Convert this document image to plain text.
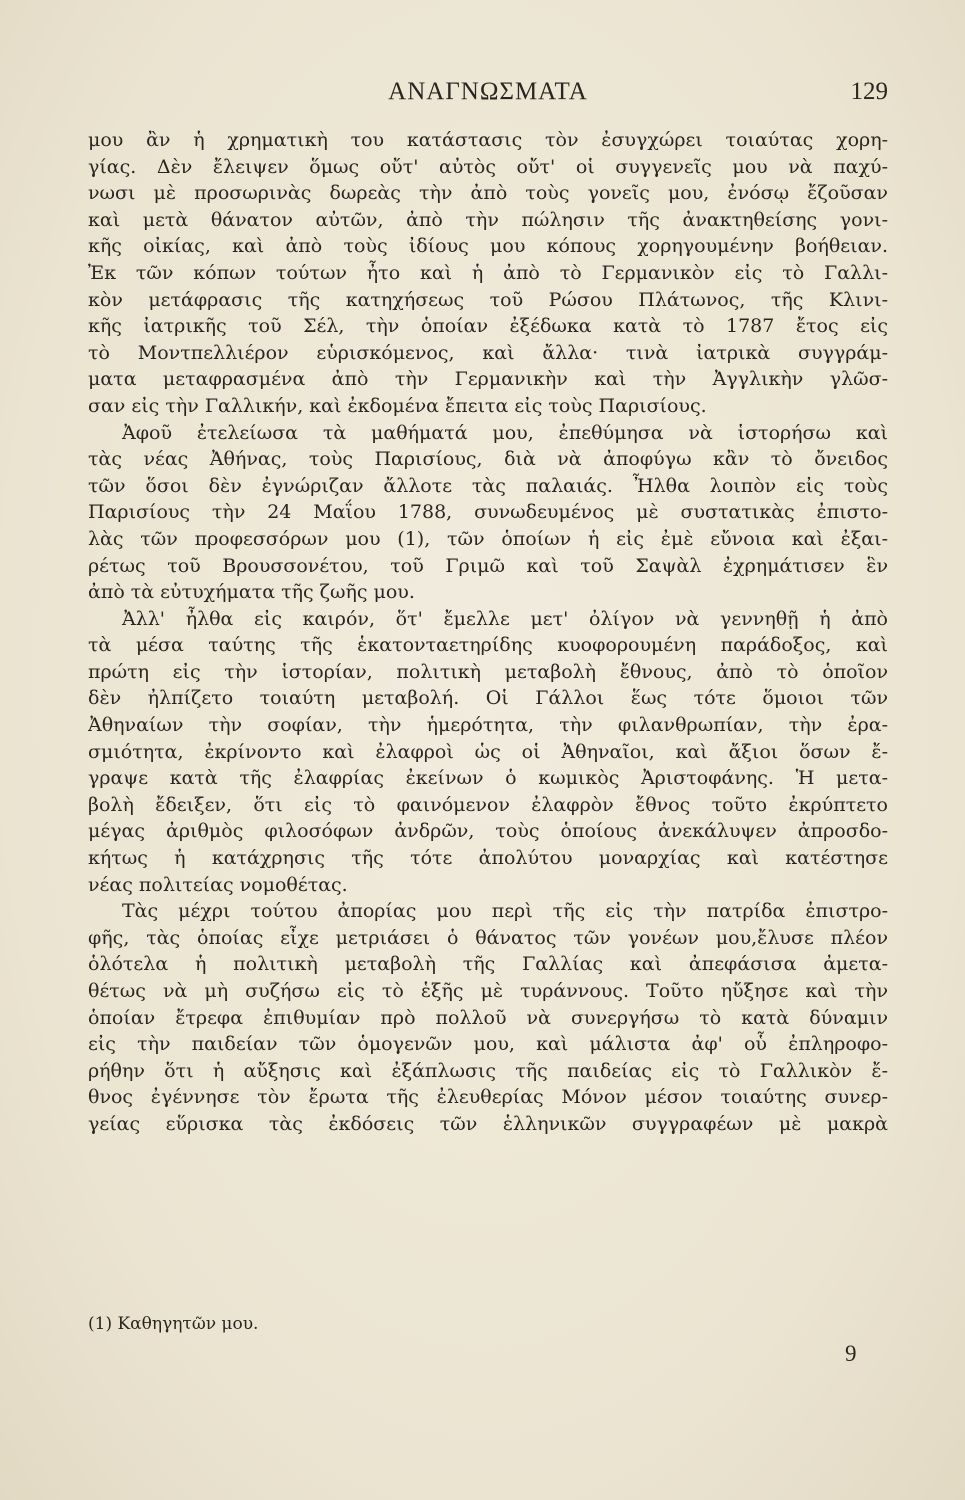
ΑΝΑΓΝΩΣΜΑΤΑ	129
μου ἂν ἡ χρηματικὴ του κατάστασις τὸν ἐσυγχώρει τοιαύτας χορη-
γίας. Δὲν ἔλειψεν ὅμως οὔτ' αὐτὸς οὔτ' οἱ συγγενεῖς μου νὰ παχύ-
νωσι μὲ προσωρινὰς δωρεὰς τὴν ἀπὸ τοὺς γονεῖς μου, ἐνόσῳ ἔζοῦσαν
καὶ μετὰ θάνατον αὐτῶν, ἀπὸ τὴν πώλησιν τῆς ἀνακτηθείσης γονι-
κῆς οἰκίας, καὶ ἀπὸ τοὺς ἰδίους μου κόπους χορηγουμένην βοήθειαν.
Ἐκ τῶν κόπων τούτων ἦτο καὶ ἡ ἀπὸ τὸ Γερμανικὸν εἰς τὸ Γαλλι-
κὸν μετάφρασις τῆς κατηχήσεως τοῦ Ρώσου Πλάτωνος, τῆς Κλινι-
κῆς ἰατρικῆς τοῦ Σέλ, τὴν ὁποίαν ἐξέδωκα κατὰ τὸ 1787 ἔτος εἰς
τὸ Μοντπελλιέρον εὑρισκόμενος, καὶ ἄλλα· τινὰ ἰατρικὰ συγγράμ-
ματα μεταφρασμένα ἀπὸ τὴν Γερμανικὴν καὶ τὴν Ἀγγλικὴν γλῶσ-
σαν εἰς τὴν Γαλλικήν, καὶ ἐκδομένα ἔπειτα εἰς τοὺς Παρισίους.
Ἀφοῦ ἐτελείωσα τὰ μαθήματά μου, ἐπεθύμησα νὰ ἱστορήσω καὶ
τὰς νέας Ἀθήνας, τοὺς Παρισίους, διὰ νὰ ἀποφύγω κἂν τὸ ὄνειδος
τῶν ὅσοι δὲν ἐγνώριζαν ἄλλοτε τὰς παλαιάς. Ἦλθα λοιπὸν εἰς τοὺς
Παρισίους τὴν 24 Μαΐου 1788, συνωδευμένος μὲ συστατικὰς ἐπιστο-
λὰς τῶν προφεσσόρων μου (1), τῶν ὁποίων ἡ εἰς ἐμὲ εὔνοια καὶ ἐξαι-
ρέτως τοῦ Βρουσσονέτου, τοῦ Γριμῶ καὶ τοῦ Σαψὰλ ἐχρημάτισεν ἓν
ἀπὸ τὰ εὐτυχήματα τῆς ζωῆς μου.
Ἀλλ' ἦλθα εἰς καιρόν, ὅτ' ἔμελλε μετ' ὀλίγον νὰ γεννηθῇ ἡ ἀπὸ
τὰ μέσα ταύτης τῆς ἑκατονταετηρίδης κυοφορουμένη παράδοξος, καὶ
πρώτη εἰς τὴν ἱστορίαν, πολιτικὴ μεταβολὴ ἔθνους, ἀπὸ τὸ ὁποῖον
δὲν ἠλπίζετο τοιαύτη μεταβολή. Οἱ Γάλλοι ἕως τότε ὅμοιοι τῶν
Ἀθηναίων τὴν σοφίαν, τὴν ἡμερότητα, τὴν φιλανθρωπίαν, τὴν ἐρα-
σμιότητα, ἐκρίνοντο καὶ ἐλαφροὶ ὡς οἱ Ἀθηναῖοι, καὶ ἄξιοι ὅσων ἔ-
γραψε κατὰ τῆς ἐλαφρίας ἐκείνων ὁ κωμικὸς Ἀριστοφάνης. Ἡ μετα-
βολὴ ἔδειξεν, ὅτι εἰς τὸ φαινόμενον ἐλαφρὸν ἔθνος τοῦτο ἐκρύπτετο
μέγας ἀριθμὸς φιλοσόφων ἀνδρῶν, τοὺς ὁποίους ἀνεκάλυψεν ἀπροσδο-
κήτως ἡ κατάχρησις τῆς τότε ἀπολύτου μοναρχίας καὶ κατέστησε
νέας πολιτείας νομοθέτας.
Τὰς μέχρι τούτου ἀπορίας μου περὶ τῆς εἰς τὴν πατρίδα ἐπιστρο-
φῆς, τὰς ὁποίας εἶχε μετριάσει ὁ θάνατος τῶν γονέων μου,ἔλυσε πλέον
ὁλότελα ἡ πολιτικὴ μεταβολὴ τῆς Γαλλίας καὶ ἀπεφάσισα ἀμετα-
θέτως νὰ μὴ συζήσω εἰς τὸ ἑξῆς μὲ τυράννους. Τοῦτο ηὔξησε καὶ τὴν
ὁποίαν ἔτρεφα ἐπιθυμίαν πρὸ πολλοῦ νὰ συνεργήσω τὸ κατὰ δύναμιν
εἰς τὴν παιδείαν τῶν ὁμογενῶν μου, καὶ μάλιστα ἀφ' οὗ ἐπληροφο-
ρήθην ὅτι ἡ αὔξησις καὶ ἐξάπλωσις τῆς παιδείας εἰς τὸ Γαλλικὸν ἔ-
θνος ἐγέννησε τὸν ἔρωτα τῆς ἐλευθερίας Μόνον μέσον τοιαύτης συνερ-
γείας εὕρισκα τὰς ἐκδόσεις τῶν ἑλληνικῶν συγγραφέων μὲ μακρὰ
(1) Καθηγητῶν μου.
9
